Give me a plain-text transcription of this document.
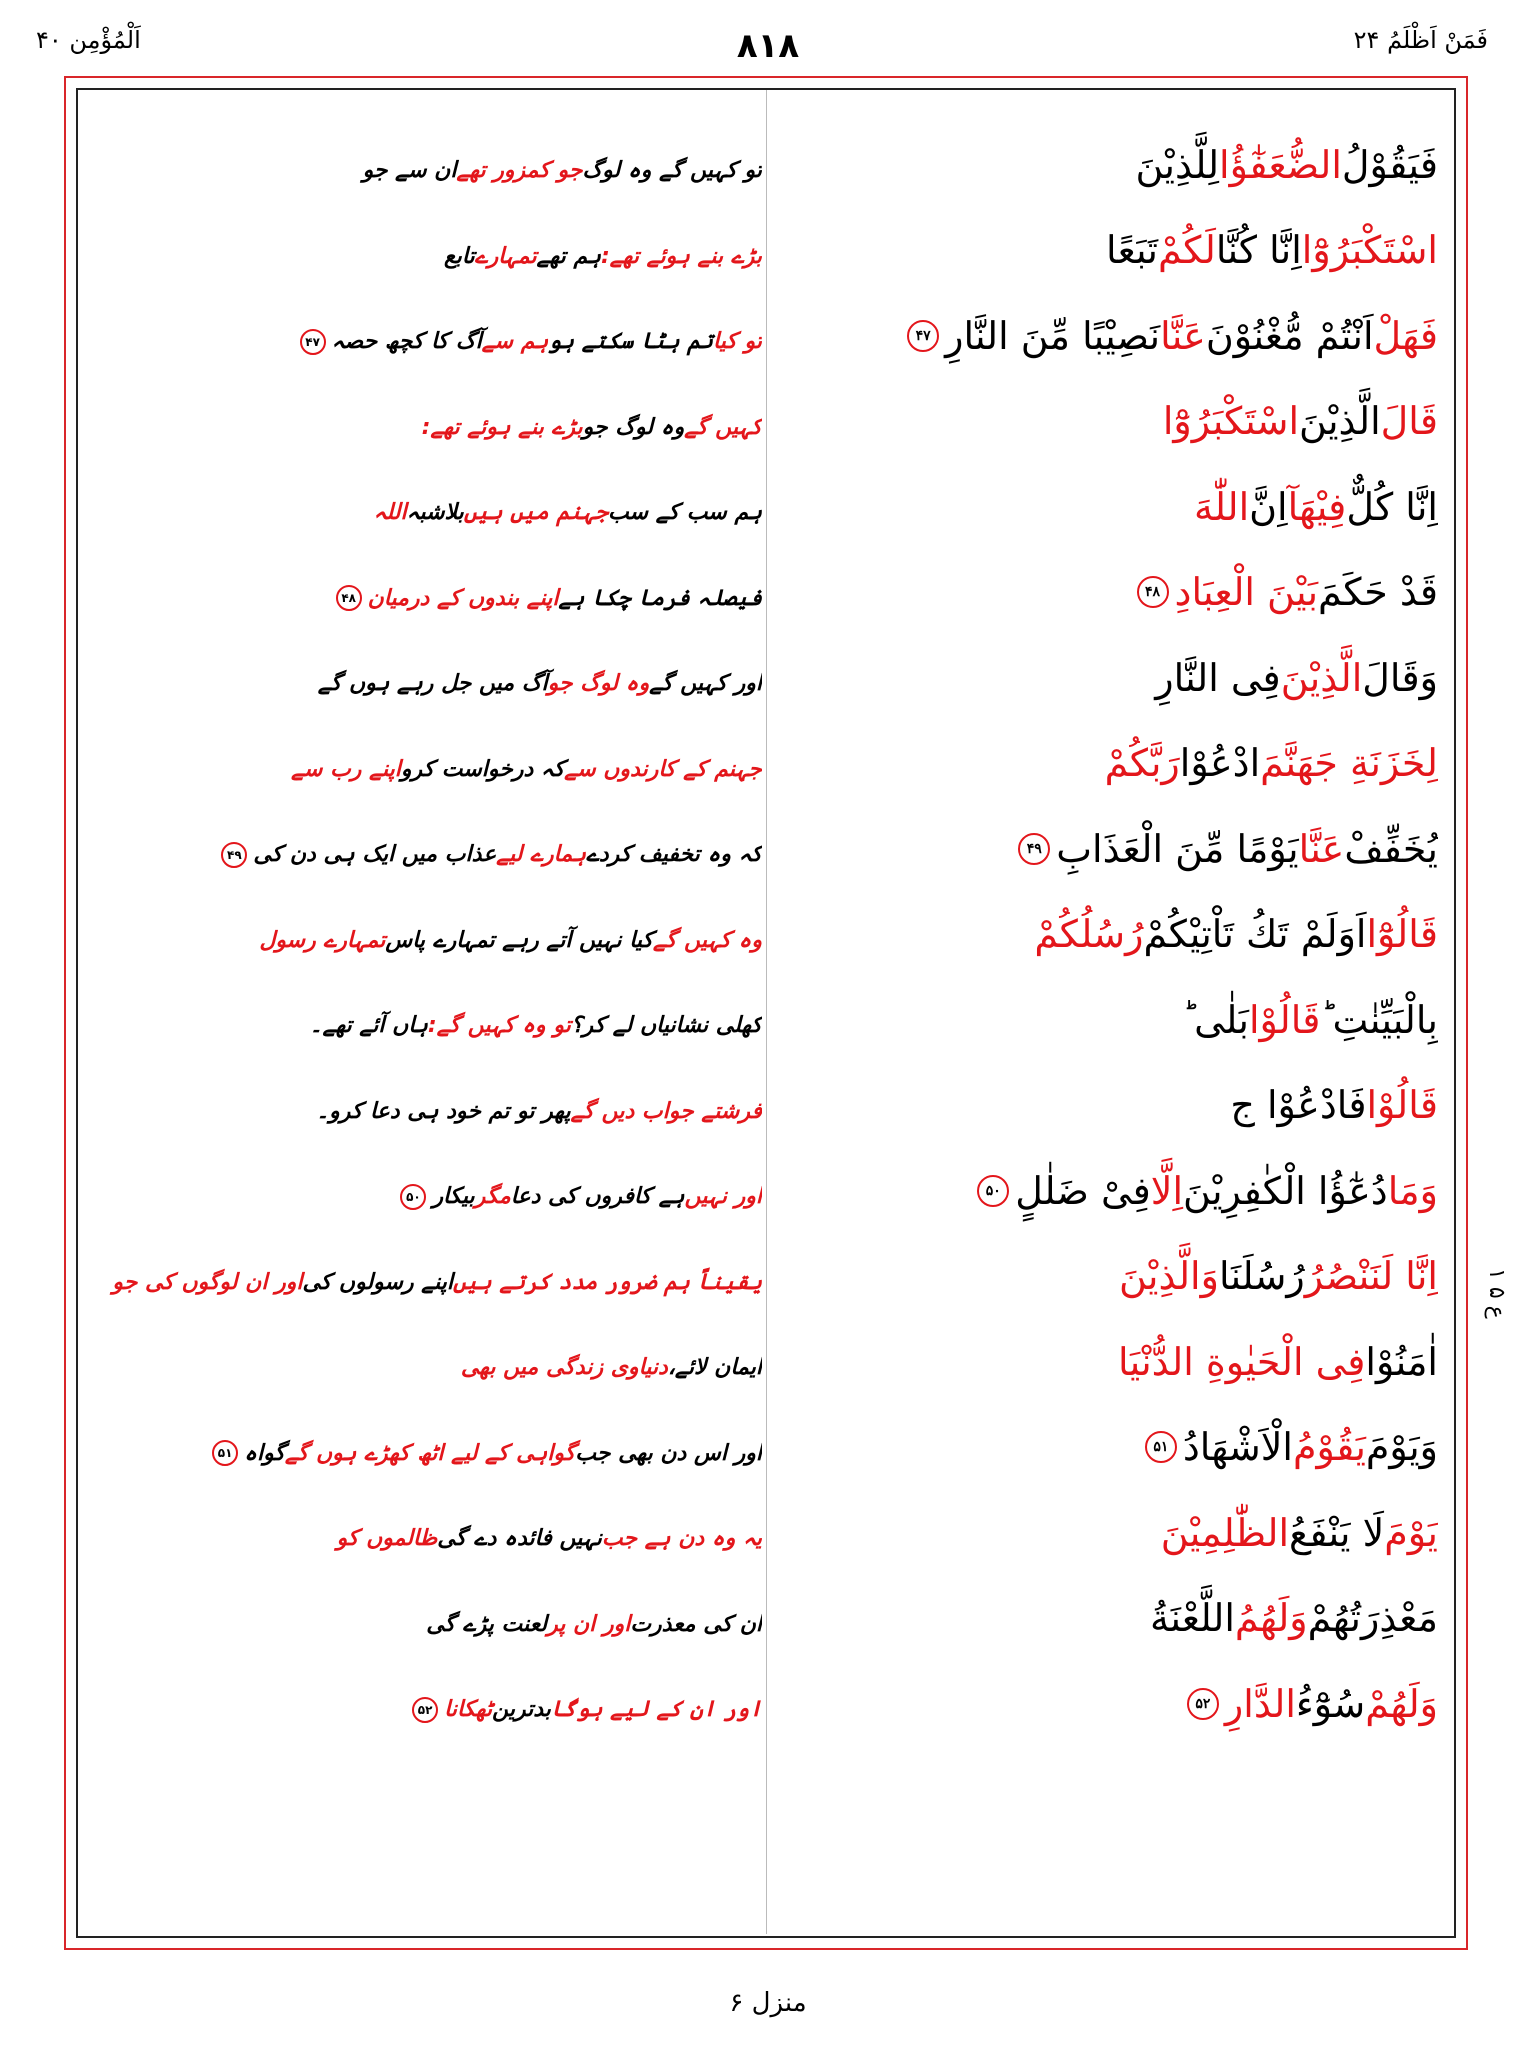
اَلْمُؤْمِن ۴۰	۸۱۸	فَمَنْ اَظْلَمُ ۲۴
تو کہیں گے وہ لوگ
جو کمزور تھے
ان سے جو
بڑے بنے ہوئے تھے:
ہم تھے
تمہارے
تابع
تو کیا
تم ہٹا سکتے ہو
ہم سے
آگ کا کچھ حصہ
۴۷
کہیں گے
وہ لوگ جو
بڑے بنے ہوئے تھے:
ہم سب کے سب
جہنم میں ہیں
بلاشبہ
اللہ
فیصلہ فرما چکا ہے
اپنے بندوں کے درمیان
۴۸
اور کہیں گے
وہ لوگ جو
آگ میں جل رہے ہوں گے
جہنم کے کارندوں سے
کہ درخواست کرو
اپنے رب سے
کہ وہ تخفیف کردے
ہمارے لیے
عذاب میں ایک ہی دن کی
۴۹
وہ کہیں گے
کیا نہیں آتے رہے تمہارے پاس
تمہارے رسول
کھلی نشانیاں لے کر؟
تو وہ کہیں گے:
ہاں آئے تھے۔
فرشتے جواب دیں گے
پھر تو تم خود ہی دعا کرو۔
اور نہیں
ہے کافروں کی دعا
مگر
بیکار
۵۰
یقیناً ہم ضرور مدد کرتے ہیں
اپنے رسولوں کی
اور ان لوگوں کی جو
ایمان لائے،
دنیاوی زندگی میں بھی
اور اس دن بھی جب
گواہی کے لیے اٹھ کھڑے ہوں گے
گواہ
۵۱
یہ وہ دن ہے جب
نہیں فائدہ دے گی
ظالموں کو
ان کی معذرت
اور ان پر
لعنت پڑے گی
اور ان کے لیے ہوگا
بدترین
ٹھکانا
۵۲
فَيَقُوْلُ
الضُّعَفٰٓؤُا
لِلَّذِيْنَ
اسْتَكْبَرُوْٓا
اِنَّا كُنَّا
لَكُمْ
تَبَعًا
فَهَلْ
اَنْتُمْ مُّغْنُوْنَ
عَنَّا
نَصِيْبًا مِّنَ النَّارِ
۴۷
قَالَ
الَّذِيْنَ
اسْتَكْبَرُوْٓا
اِنَّا كُلٌّ
فِيْهَآ
اِنَّ
اللّٰهَ
قَدْ حَكَمَ
بَيْنَ الْعِبَادِ
۴۸
وَقَالَ
الَّذِيْنَ
فِى النَّارِ
لِخَزَنَةِ جَهَنَّمَ
ادْعُوْا
رَبَّكُمْ
يُخَفِّفْ
عَنَّا
يَوْمًا مِّنَ الْعَذَابِ
۴۹
قَالُوْٓا
اَوَلَمْ تَكُ تَاْتِيْكُمْ
رُسُلُكُمْ
بِالْبَيِّنٰتِ ؕ
قَالُوْا
بَلٰى ؕ
قَالُوْا
فَادْعُوْا ج
وَمَا
دُعٰٓؤُا الْكٰفِرِيْنَ
اِلَّا
فِىْ ضَلٰلٍ
۵۰
اِنَّا لَنَنْصُرُ
رُسُلَنَا
وَالَّذِيْنَ
اٰمَنُوْا
فِى الْحَيٰوةِ الدُّنْيَا
وَيَوْمَ
يَقُوْمُ
الْاَشْهَادُ
۵۱
يَوْمَ
لَا يَنْفَعُ
الظّٰلِمِيْنَ
مَعْذِرَتُهُمْ
وَلَهُمُ
اللَّعْنَةُ
وَلَهُمْ
سُوْٓءُ
الدَّارِ
۵۲
ع ۵ ۱
منزل ۶
